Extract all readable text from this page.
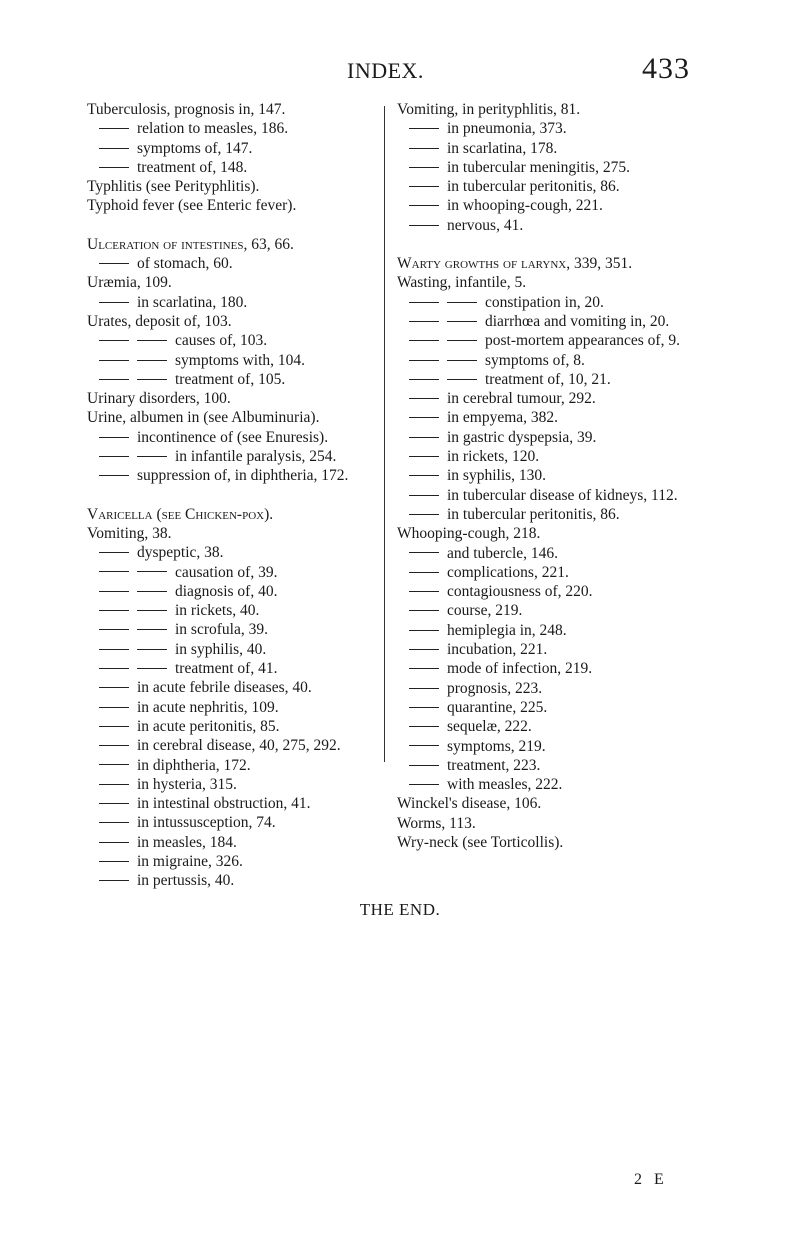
INDEX.	433
Tuberculosis, prognosis in, 147.
relation to measles, 186.
symptoms of, 147.
treatment of, 148.
Typhlitis (see Perityphlitis).
Typhoid fever (see Enteric fever).
Ulceration of intestines, 63, 66.
of stomach, 60.
Uræmia, 109.
in scarlatina, 180.
Urates, deposit of, 103.
causes of, 103.
symptoms with, 104.
treatment of, 105.
Urinary disorders, 100.
Urine, albumen in (see Albuminuria).
incontinence of (see Enuresis).
in infantile paralysis, 254.
suppression of, in diphtheria, 172.
Varicella (see Chicken-pox).
Vomiting, 38.
dyspeptic, 38.
causation of, 39.
diagnosis of, 40.
in rickets, 40.
in scrofula, 39.
in syphilis, 40.
treatment of, 41.
in acute febrile diseases, 40.
in acute nephritis, 109.
in acute peritonitis, 85.
in cerebral disease, 40, 275, 292.
in diphtheria, 172.
in hysteria, 315.
in intestinal obstruction, 41.
in intussusception, 74.
in measles, 184.
in migraine, 326.
in pertussis, 40.
Vomiting, in perityphlitis, 81.
in pneumonia, 373.
in scarlatina, 178.
in tubercular meningitis, 275.
in tubercular peritonitis, 86.
in whooping-cough, 221.
nervous, 41.
Warty growths of larynx, 339, 351.
Wasting, infantile, 5.
constipation in, 20.
diarrhœa and vomiting in, 20.
post-mortem appearances of, 9.
symptoms of, 8.
treatment of, 10, 21.
in cerebral tumour, 292.
in empyema, 382.
in gastric dyspepsia, 39.
in rickets, 120.
in syphilis, 130.
in tubercular disease of kidneys, 112.
in tubercular peritonitis, 86.
Whooping-cough, 218.
and tubercle, 146.
complications, 221.
contagiousness of, 220.
course, 219.
hemiplegia in, 248.
incubation, 221.
mode of infection, 219.
prognosis, 223.
quarantine, 225.
sequelæ, 222.
symptoms, 219.
treatment, 223.
with measles, 222.
Winckel's disease, 106.
Worms, 113.
Wry-neck (see Torticollis).
THE END.
2 E
